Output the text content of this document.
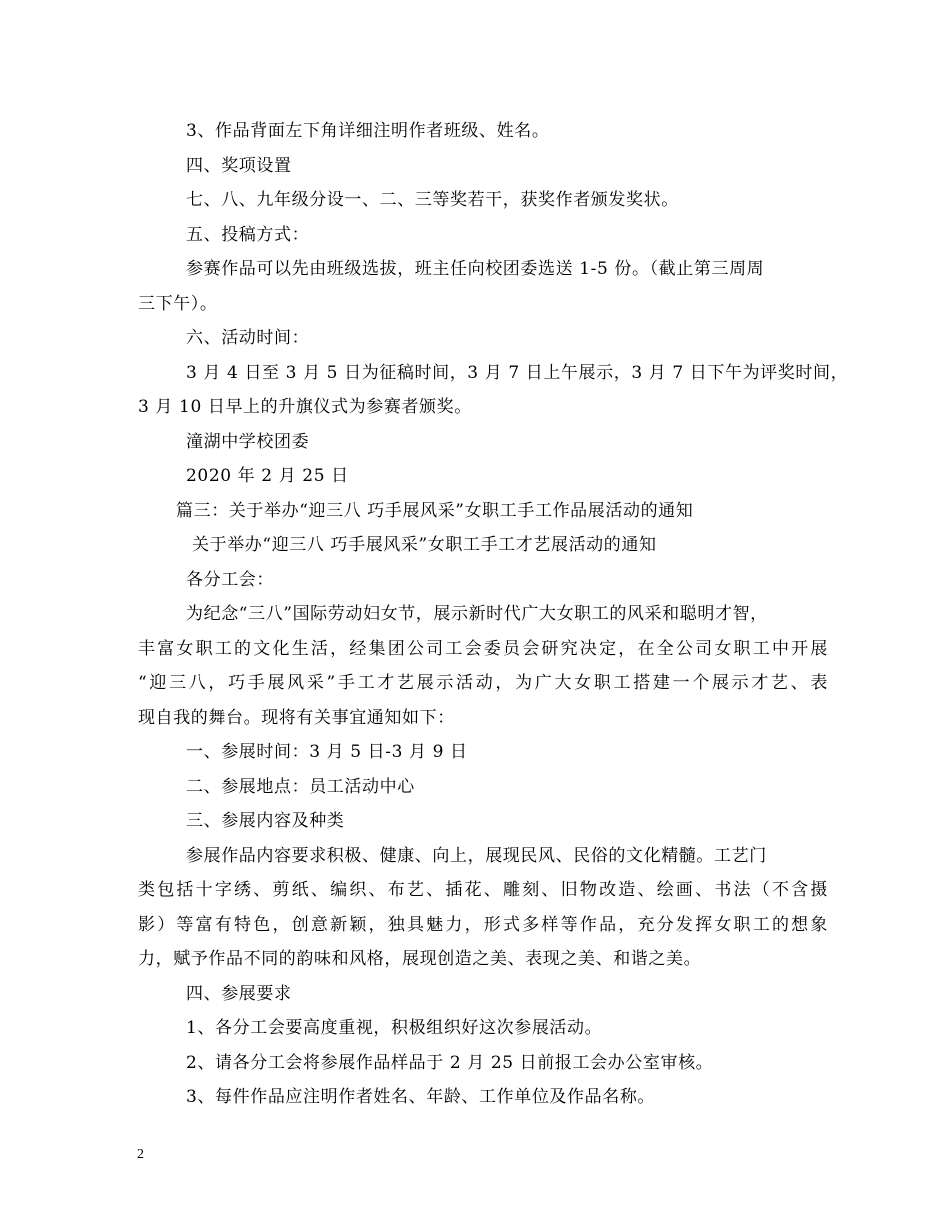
3、作品背面左下角详细注明作者班级、姓名。
四、奖项设置
七、八、九年级分设一、二、三等奖若干，获奖作者颁发奖状。
五、投稿方式：
参赛作品可以先由班级选拔，班主任向校团委选送 1-5 份。（截止第三周周
三下午）。
六、活动时间：
3 月 4 日至 3 月 5 日为征稿时间，3 月 7 日上午展示，3 月 7 日下午为评奖时间，
3 月 10 日早上的升旗仪式为参赛者颁奖。
潼湖中学校团委
2020 年 2 月 25 日
篇三：关于举办“迎三八 巧手展风采”女职工手工作品展活动的通知
关于举办“迎三八 巧手展风采”女职工手工才艺展活动的通知
各分工会：
为纪念“三八”国际劳动妇女节，展示新时代广大女职工的风采和聪明才智，
丰富女职工的文化生活，经集团公司工会委员会研究决定，在全公司女职工中开展
“迎三八，巧手展风采”手工才艺展示活动，为广大女职工搭建一个展示才艺、表
现自我的舞台。现将有关事宜通知如下：
一、参展时间：3 月 5 日-3 月 9 日
二、参展地点：员工活动中心
三、参展内容及种类
参展作品内容要求积极、健康、向上，展现民风、民俗的文化精髓。工艺门
类包括十字绣、剪纸、编织、布艺、插花、雕刻、旧物改造、绘画、书法（不含摄
影）等富有特色，创意新颖，独具魅力，形式多样等作品，充分发挥女职工的想象
力，赋予作品不同的韵味和风格，展现创造之美、表现之美、和谐之美。
四、参展要求
1、各分工会要高度重视，积极组织好这次参展活动。
2、请各分工会将参展作品样品于 2 月 25 日前报工会办公室审核。
3、每件作品应注明作者姓名、年龄、工作单位及作品名称。
2
